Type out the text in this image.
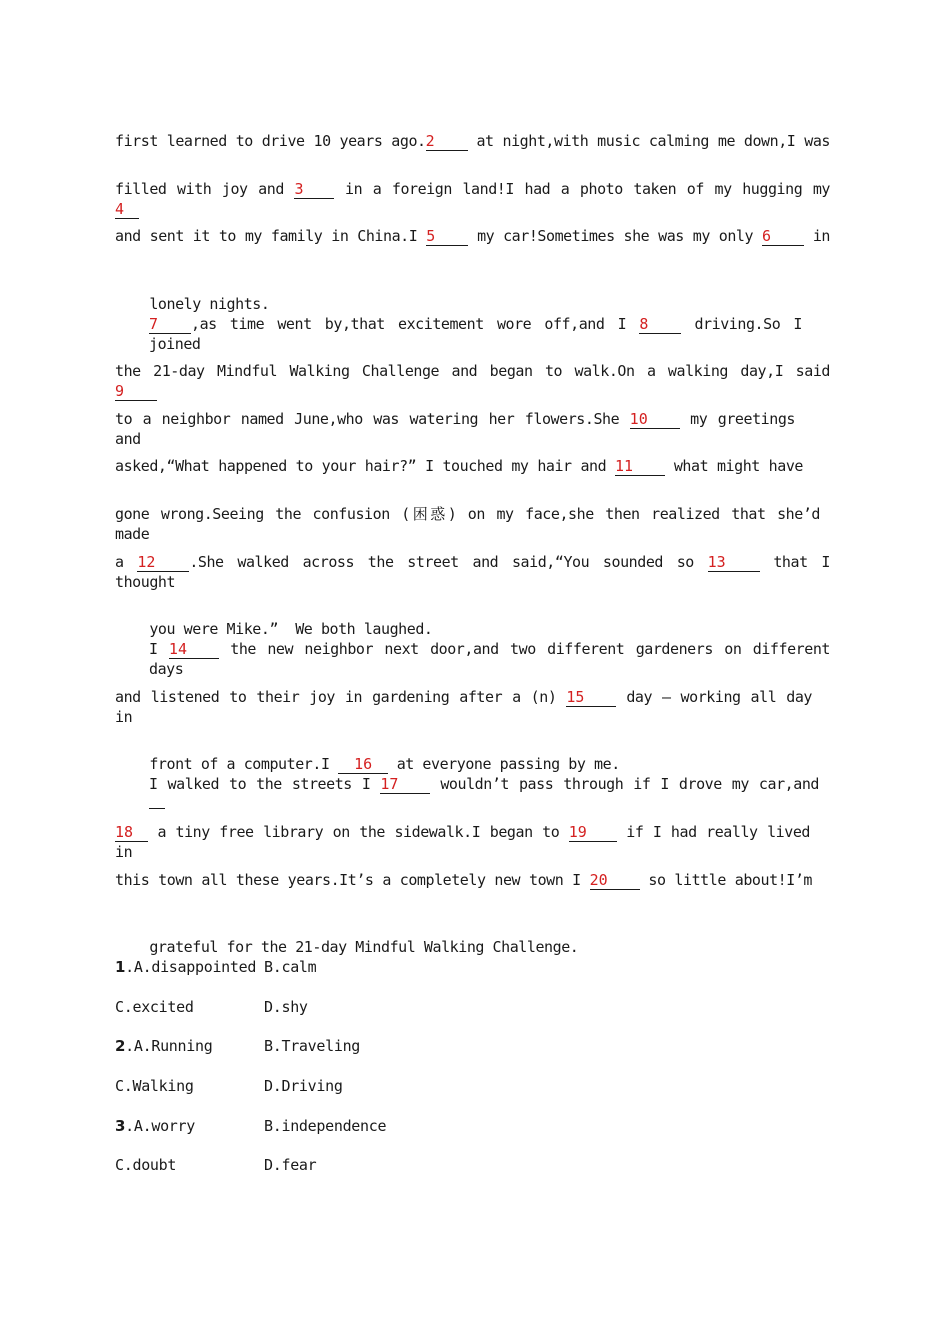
first learned to drive 10 years ago.2 at night,with music calming me down,I was
filled with joy and 3 in a foreign land!I had a photo taken of my hugging my 4
and sent it to my family in China.I 5 my car!Sometimes she was my only 6 in

lonely nights.

7 ,as time went by,that excitement wore off,and I 8 driving.So I joined
the 21-day Mindful Walking Challenge and began to walk.On a walking day,I said 9
to a neighbor named June,who was watering her flowers.She 10 my greetings and
asked,“What happened to your hair?” I touched my hair and 11 what might have
gone wrong.Seeing the confusion (困惑) on my face,she then realized that she’d made
a 12 .She walked across the street and said,“You sounded so 13 that I thought

you were Mike.”  We both laughed.

I 14 the new neighbor next door,and two different gardeners on different days
and listened to their joy in gardening after a (n) 15 day — working all day in

front of a computer.I 16 at everyone passing by me.

I walked to the streets I 17 wouldn’t pass through if I drove my car,and
18 a tiny free library on the sidewalk.I began to 19 if I had really lived in
this town all these years.It’s a completely new town I 20 so little about!I’m

grateful for the 21-day Mindful Walking Challenge.

1.A.disappointed B.calm
C.excited	D.shy
2.A.Running	B.Traveling
C.Walking	D.Driving
3.A.worry	B.independence
C.doubt	D.fear
